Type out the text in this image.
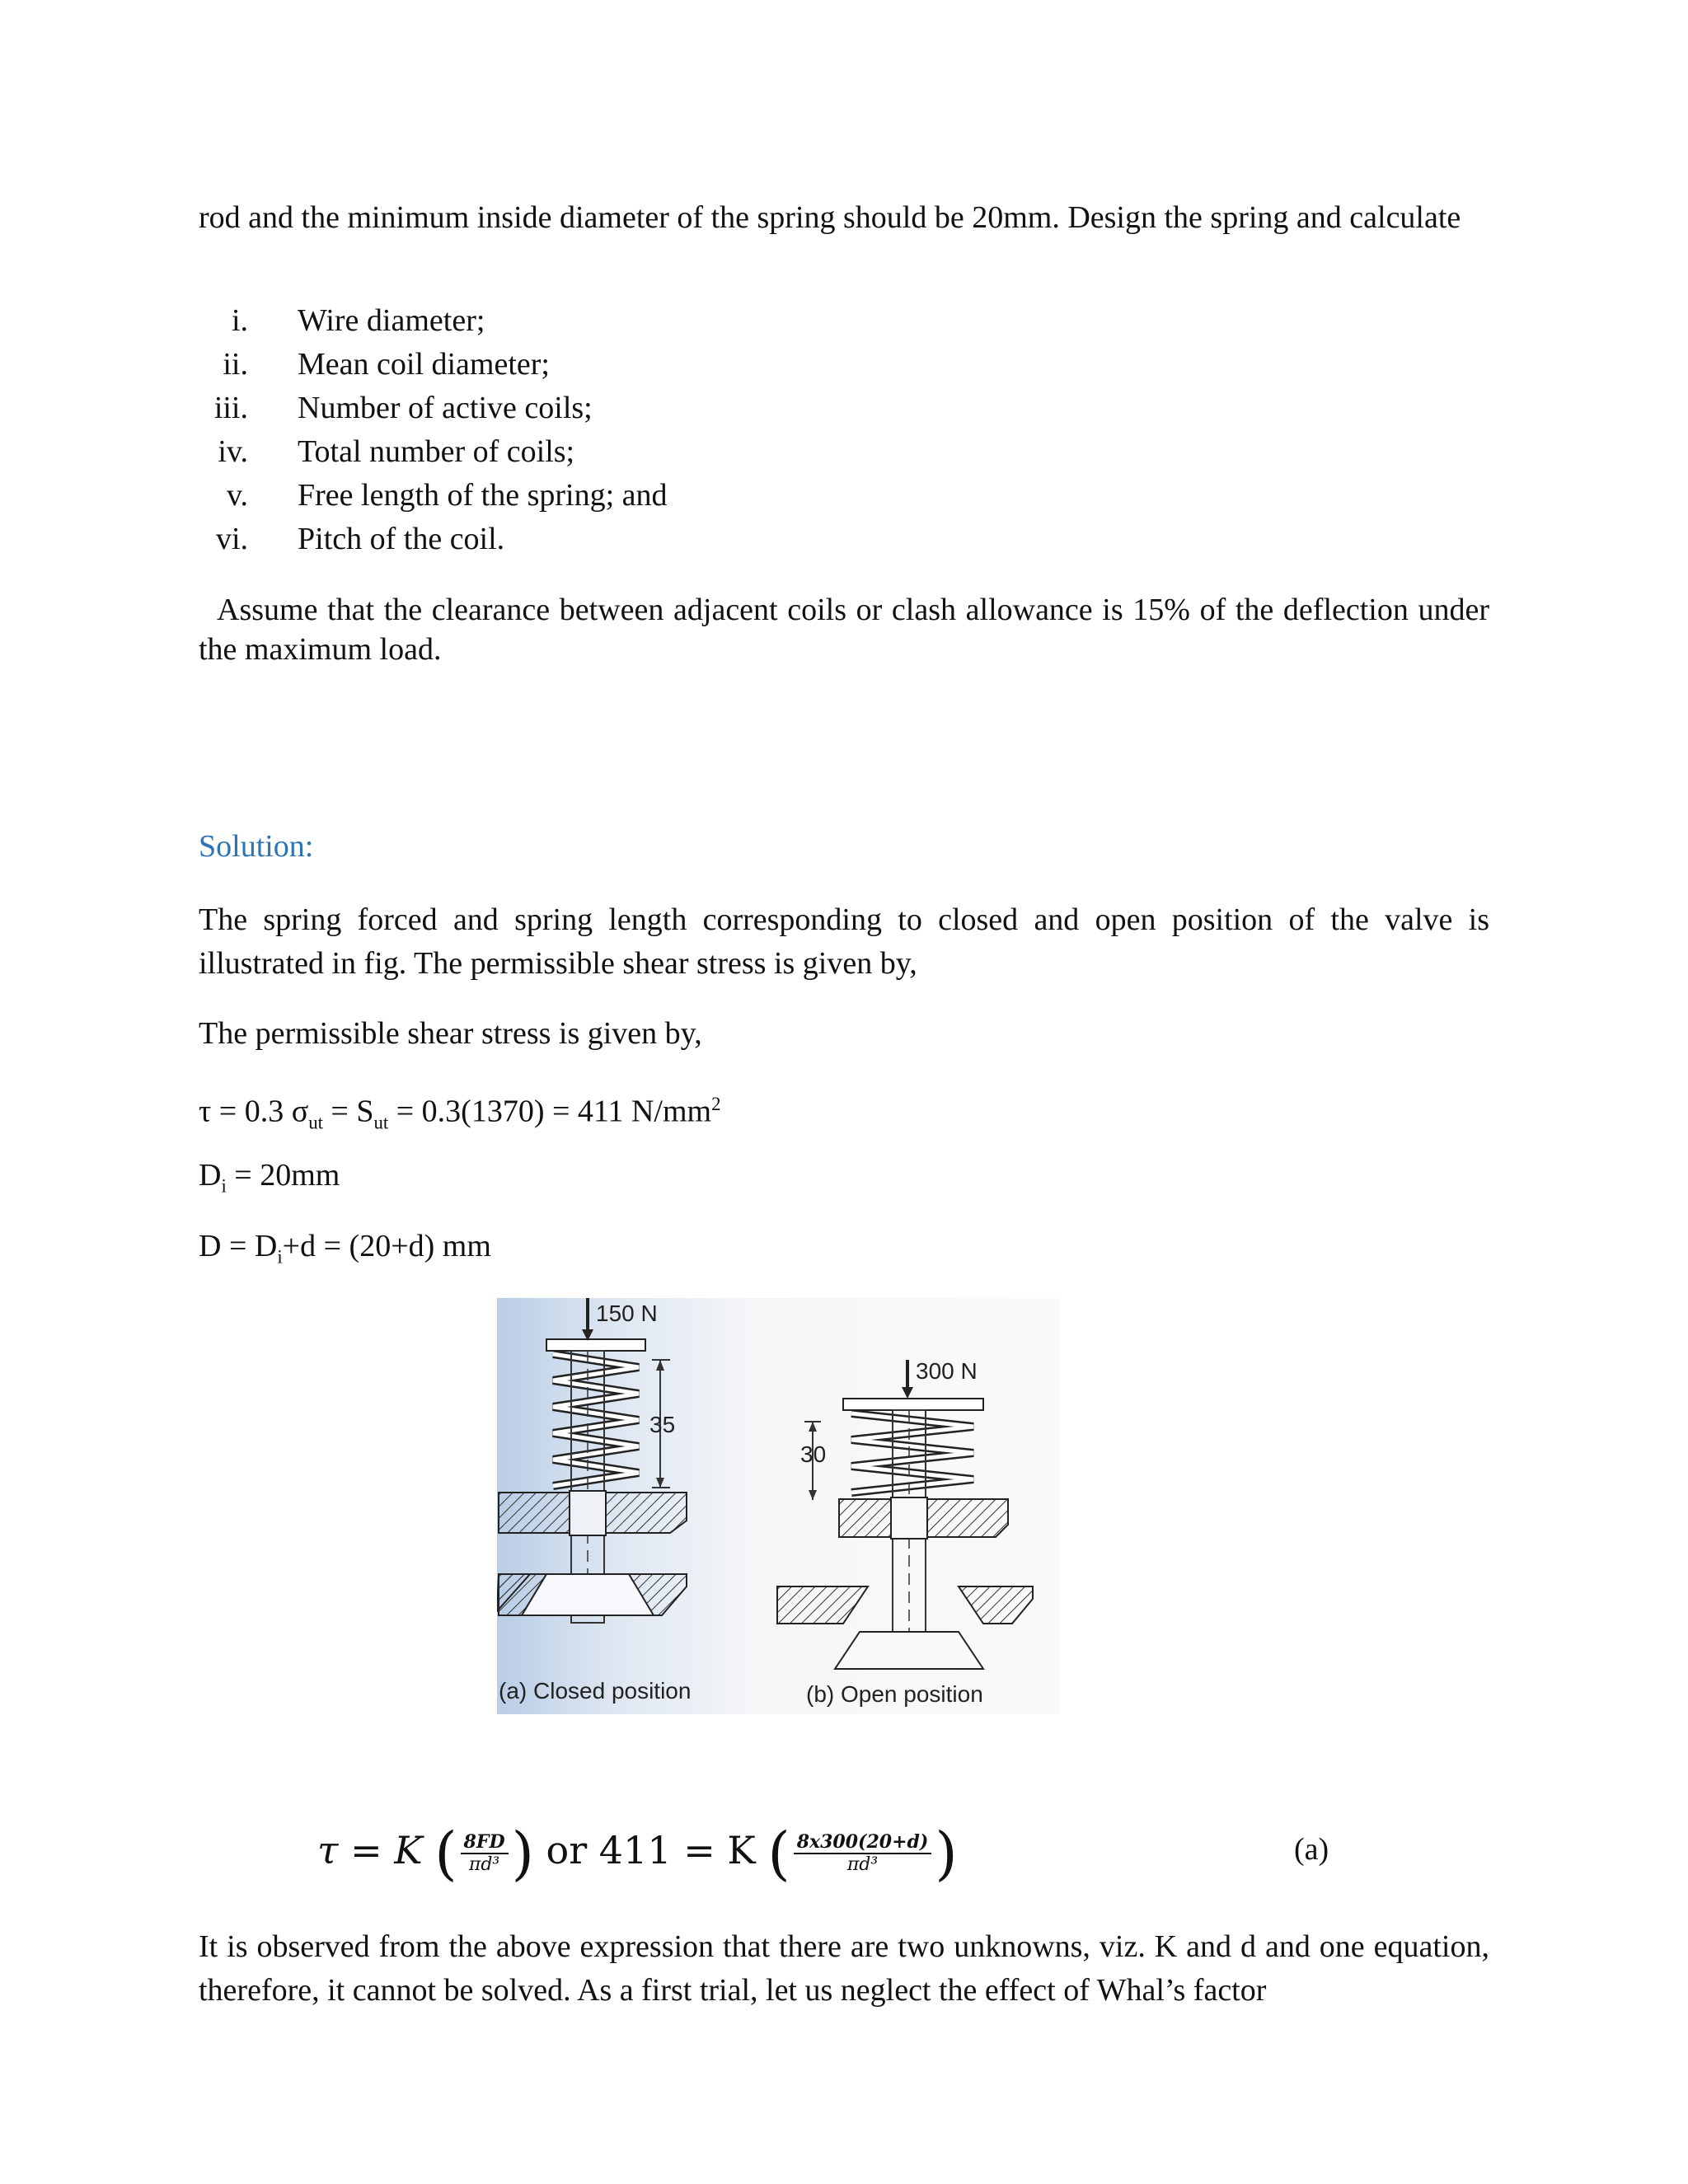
rod and the minimum inside diameter of the spring should be 20mm. Design the spring and calculate
i. Wire diameter;
ii. Mean coil diameter;
iii. Number of active coils;
iv. Total number of coils;
v. Free length of the spring; and
vi. Pitch of the coil.
Assume that the clearance between adjacent coils or clash allowance is 15% of the deflection under the maximum load.
Solution:
The spring forced and spring length corresponding to closed and open position of the valve is illustrated in fig. The permissible shear stress is given by,
The permissible shear stress is given by,
τ = 0.3 $\sigma_{ut} = S_{ut} = 0.3(1370) = 411$ $N/mm^2$
$D_i = 20mm$
$D = D_i+d = (20+d)$ mm
150 N
300 N
35
30
(a) Closed position	(b) Open position
τ = K ( $\frac{8FD}{\text{πd³}}$ ) or 411 = K ( $\frac{8x300(20+d)}{\text{πd³}}$ )	(a)
It is observed from the above expression that there are two unknowns, viz. K and d and one equation, therefore, it cannot be solved. As a first trial, let us neglect the effect of Whal’s factor
